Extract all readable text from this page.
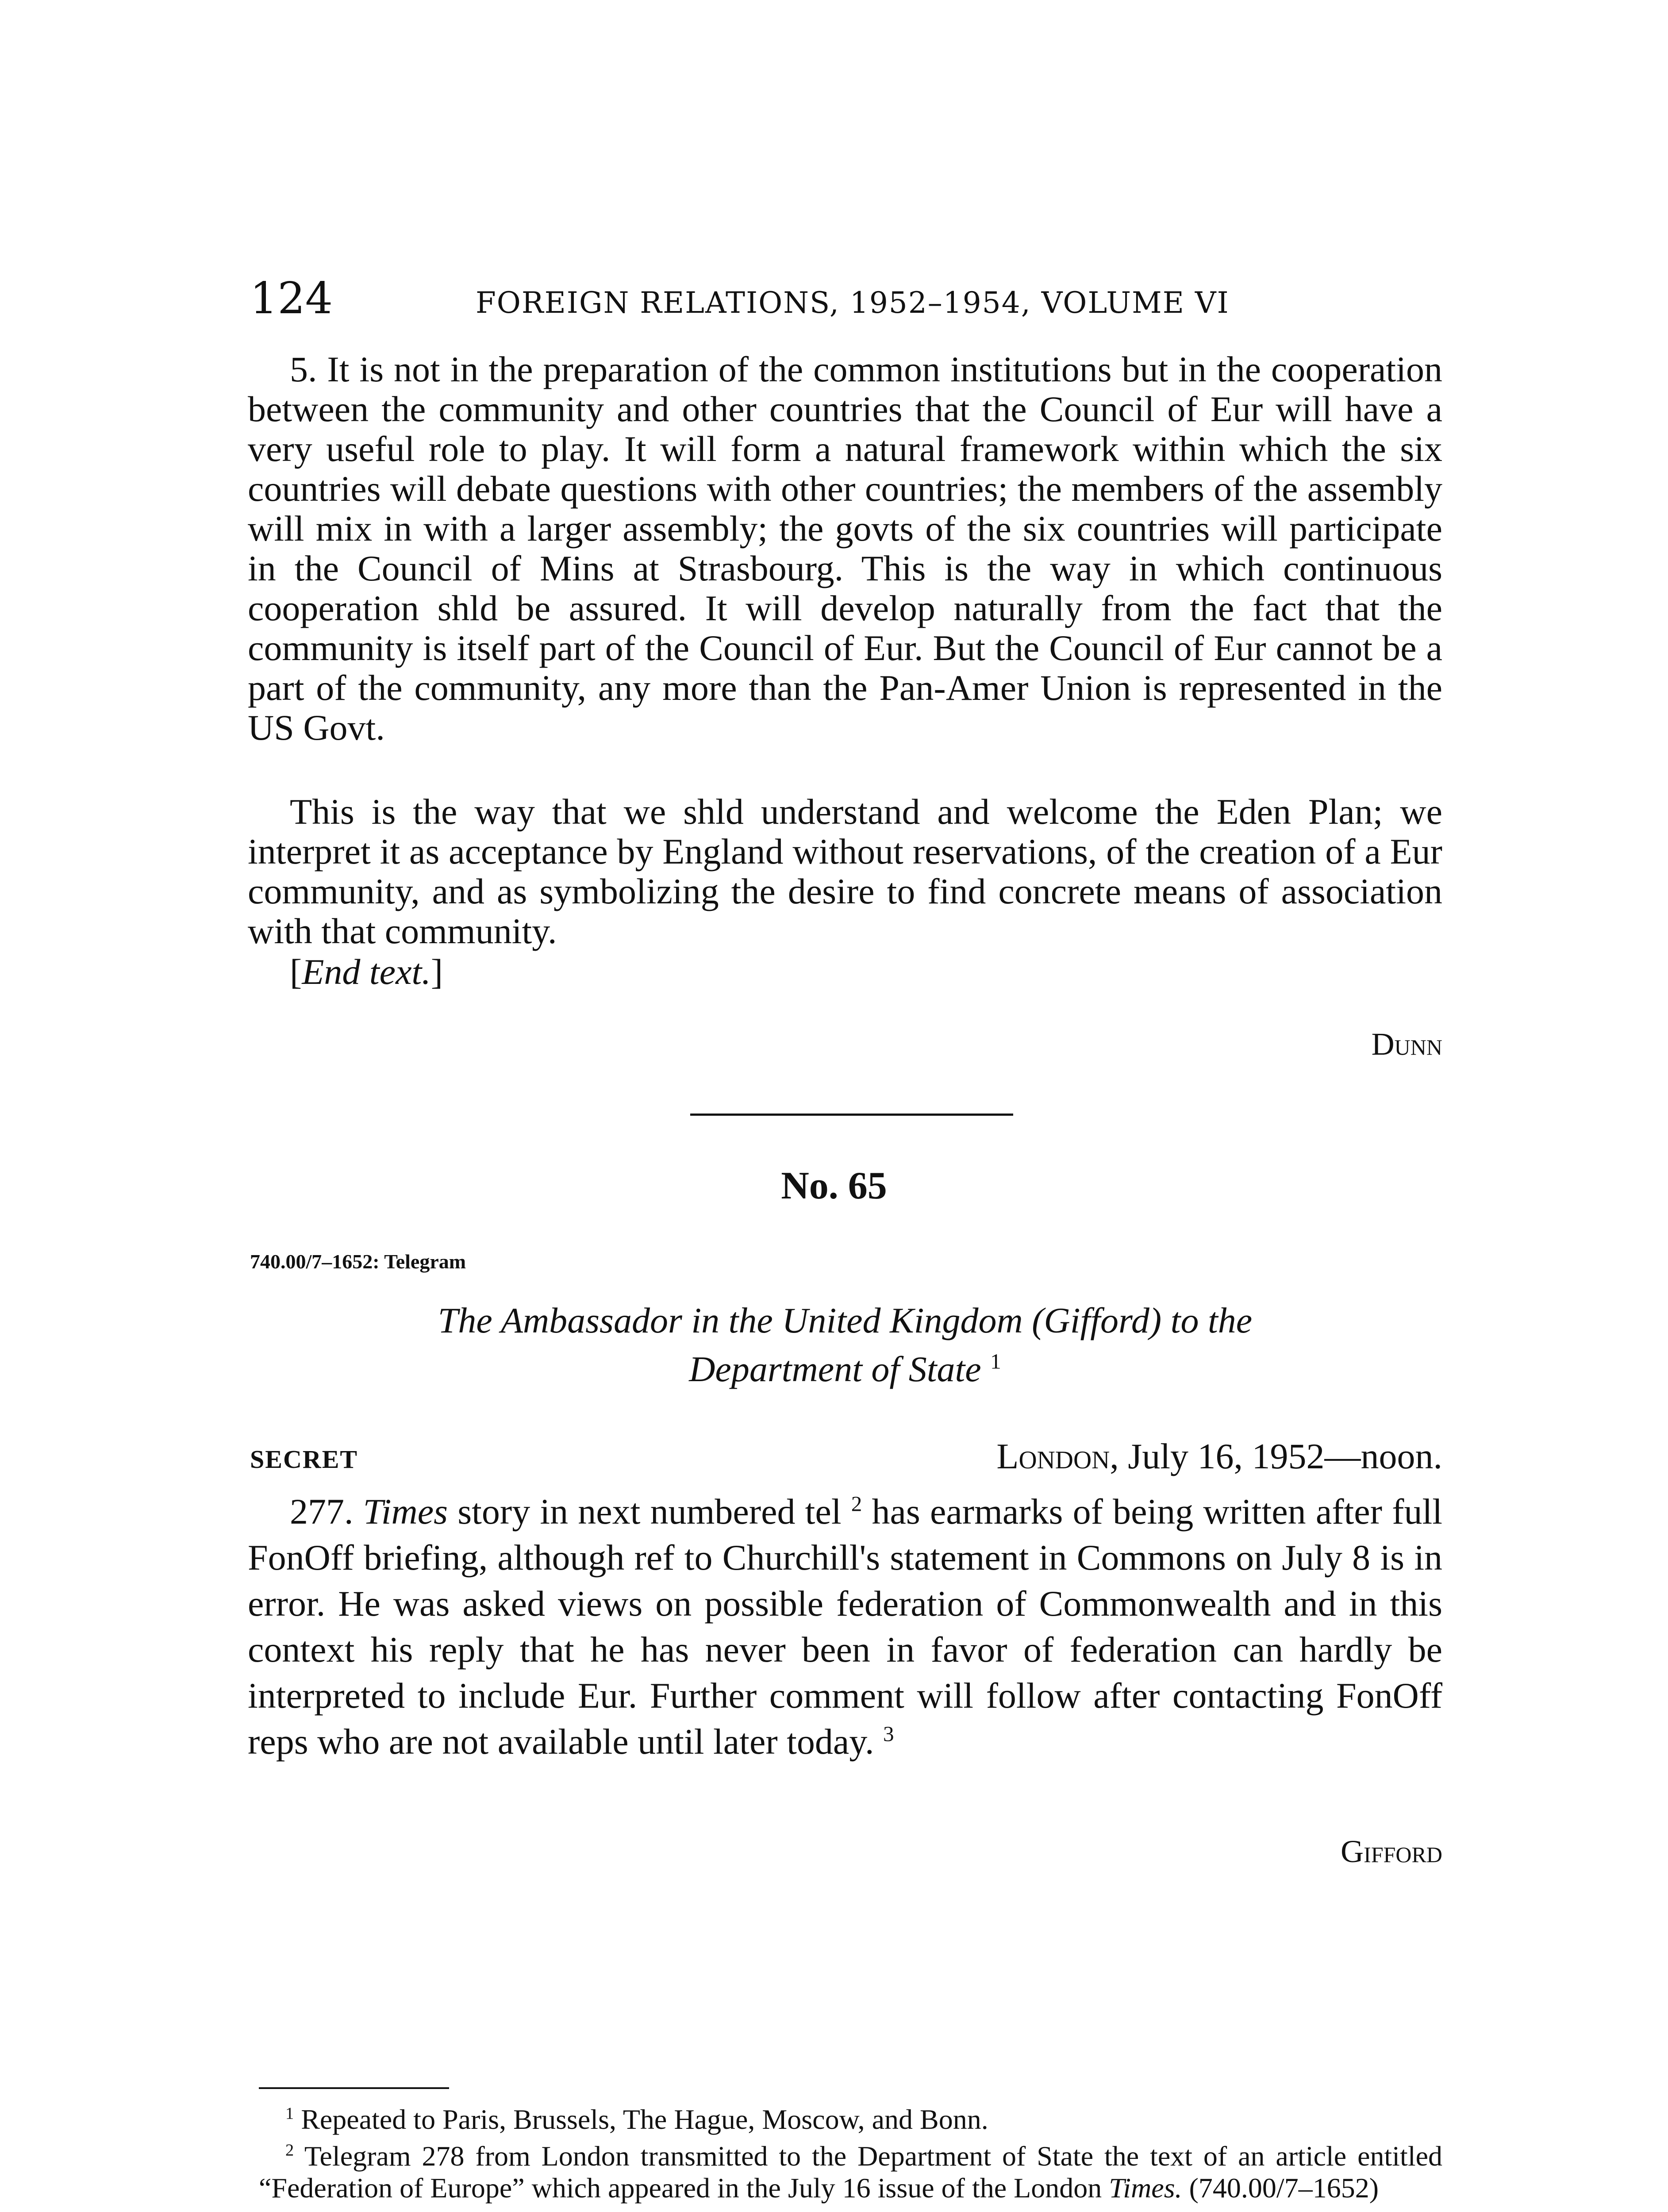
124	FOREIGN RELATIONS, 1952–1954, VOLUME VI

5. It is not in the preparation of the common institutions but in the cooperation between the community and other countries that the Council of Eur will have a very useful role to play. It will form a natural framework within which the six countries will debate questions with other countries; the members of the assembly will mix in with a larger assembly; the govts of the six countries will participate in the Council of Mins at Strasbourg. This is the way in which continuous cooperation shld be assured. It will develop naturally from the fact that the community is itself part of the Council of Eur. But the Council of Eur cannot be a part of the community, any more than the Pan-Amer Union is represented in the US Govt.

This is the way that we shld understand and welcome the Eden Plan; we interpret it as acceptance by England without reservations, of the creation of a Eur community, and as symbolizing the desire to find concrete means of association with that community.

[End text.]

Dunn
No. 65
740.00/7–1652: Telegram
The Ambassador in the United Kingdom (Gifford) to the
Department of State $^1$
SECRET	London, July 16, 1952—noon.

277. Times story in next numbered tel $^2$ has earmarks of being written after full FonOff briefing, although ref to Churchill's statement in Commons on July 8 is in error. He was asked views on possible federation of Commonwealth and in this context his reply that he has never been in favor of federation can hardly be interpreted to include Eur. Further comment will follow after contacting FonOff reps who are not available until later today. $^3$

Gifford

$^1$ Repeated to Paris, Brussels, The Hague, Moscow, and Bonn.

$^2$ Telegram 278 from London transmitted to the Department of State the text of an article entitled “Federation of Europe” which appeared in the July 16 issue of the London Times. (740.00/7–1652)
